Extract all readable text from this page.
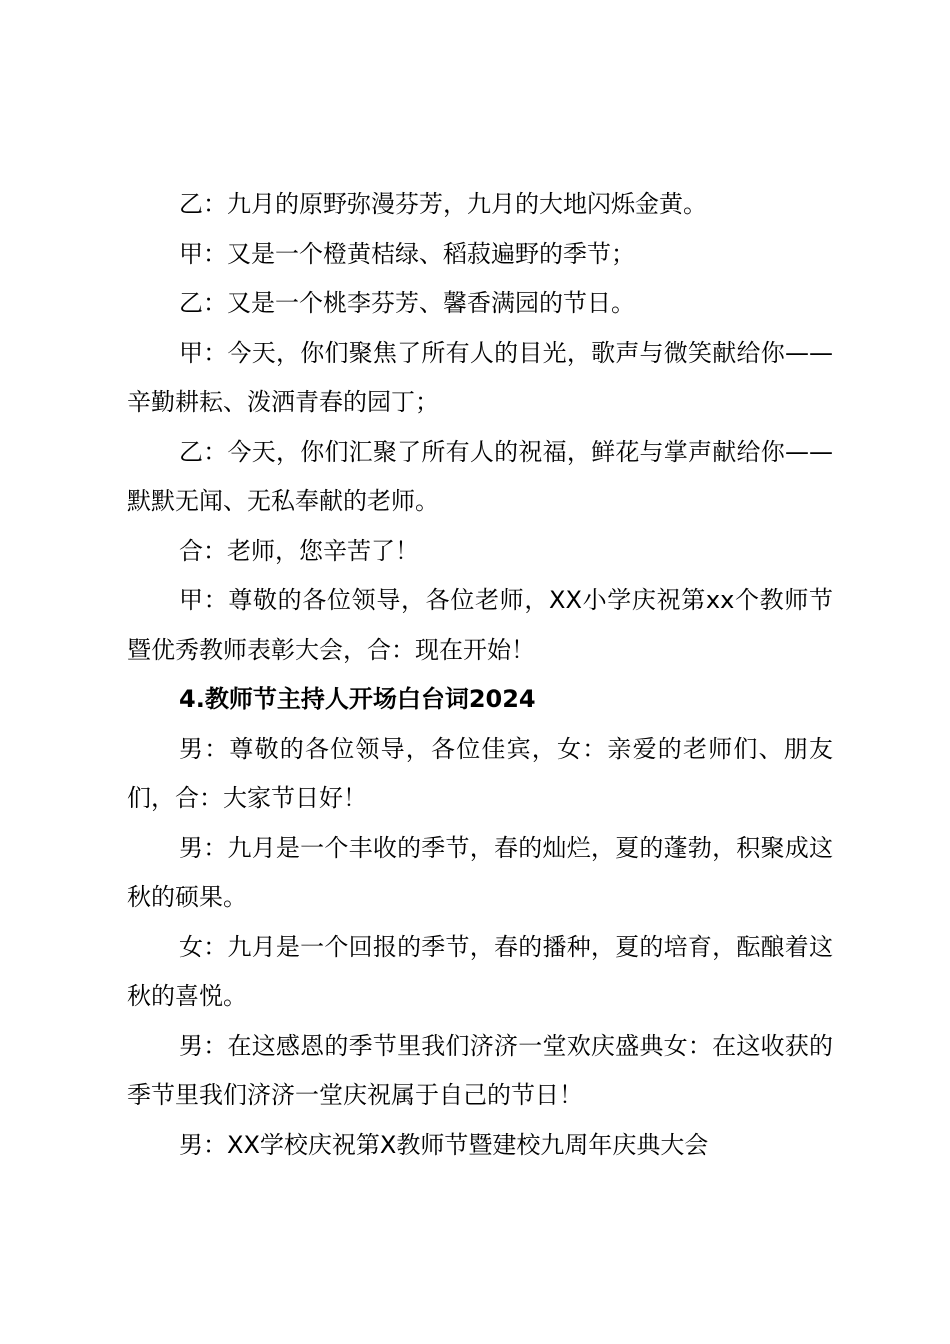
乙：九月的原野弥漫芬芳，九月的大地闪烁金黄。

甲：又是一个橙黄桔绿、稻菽遍野的季节；

乙：又是一个桃李芬芳、馨香满园的节日。

甲：今天，你们聚焦了所有人的目光，歌声与微笑献给你——辛勤耕耘、泼洒青春的园丁；

乙：今天，你们汇聚了所有人的祝福，鲜花与掌声献给你——默默无闻、无私奉献的老师。

合：老师，您辛苦了！

甲：尊敬的各位领导，各位老师，XX小学庆祝第xx个教师节暨优秀教师表彰大会，合：现在开始！

4.教师节主持人开场白台词2024

男：尊敬的各位领导，各位佳宾，女：亲爱的老师们、朋友们，合：大家节日好！

男：九月是一个丰收的季节，春的灿烂，夏的蓬勃，积聚成这秋的硕果。

女：九月是一个回报的季节，春的播种，夏的培育，酝酿着这秋的喜悦。

男：在这感恩的季节里我们济济一堂欢庆盛典女：在这收获的季节里我们济济一堂庆祝属于自己的节日！

男：XX学校庆祝第X教师节暨建校九周年庆典大会
